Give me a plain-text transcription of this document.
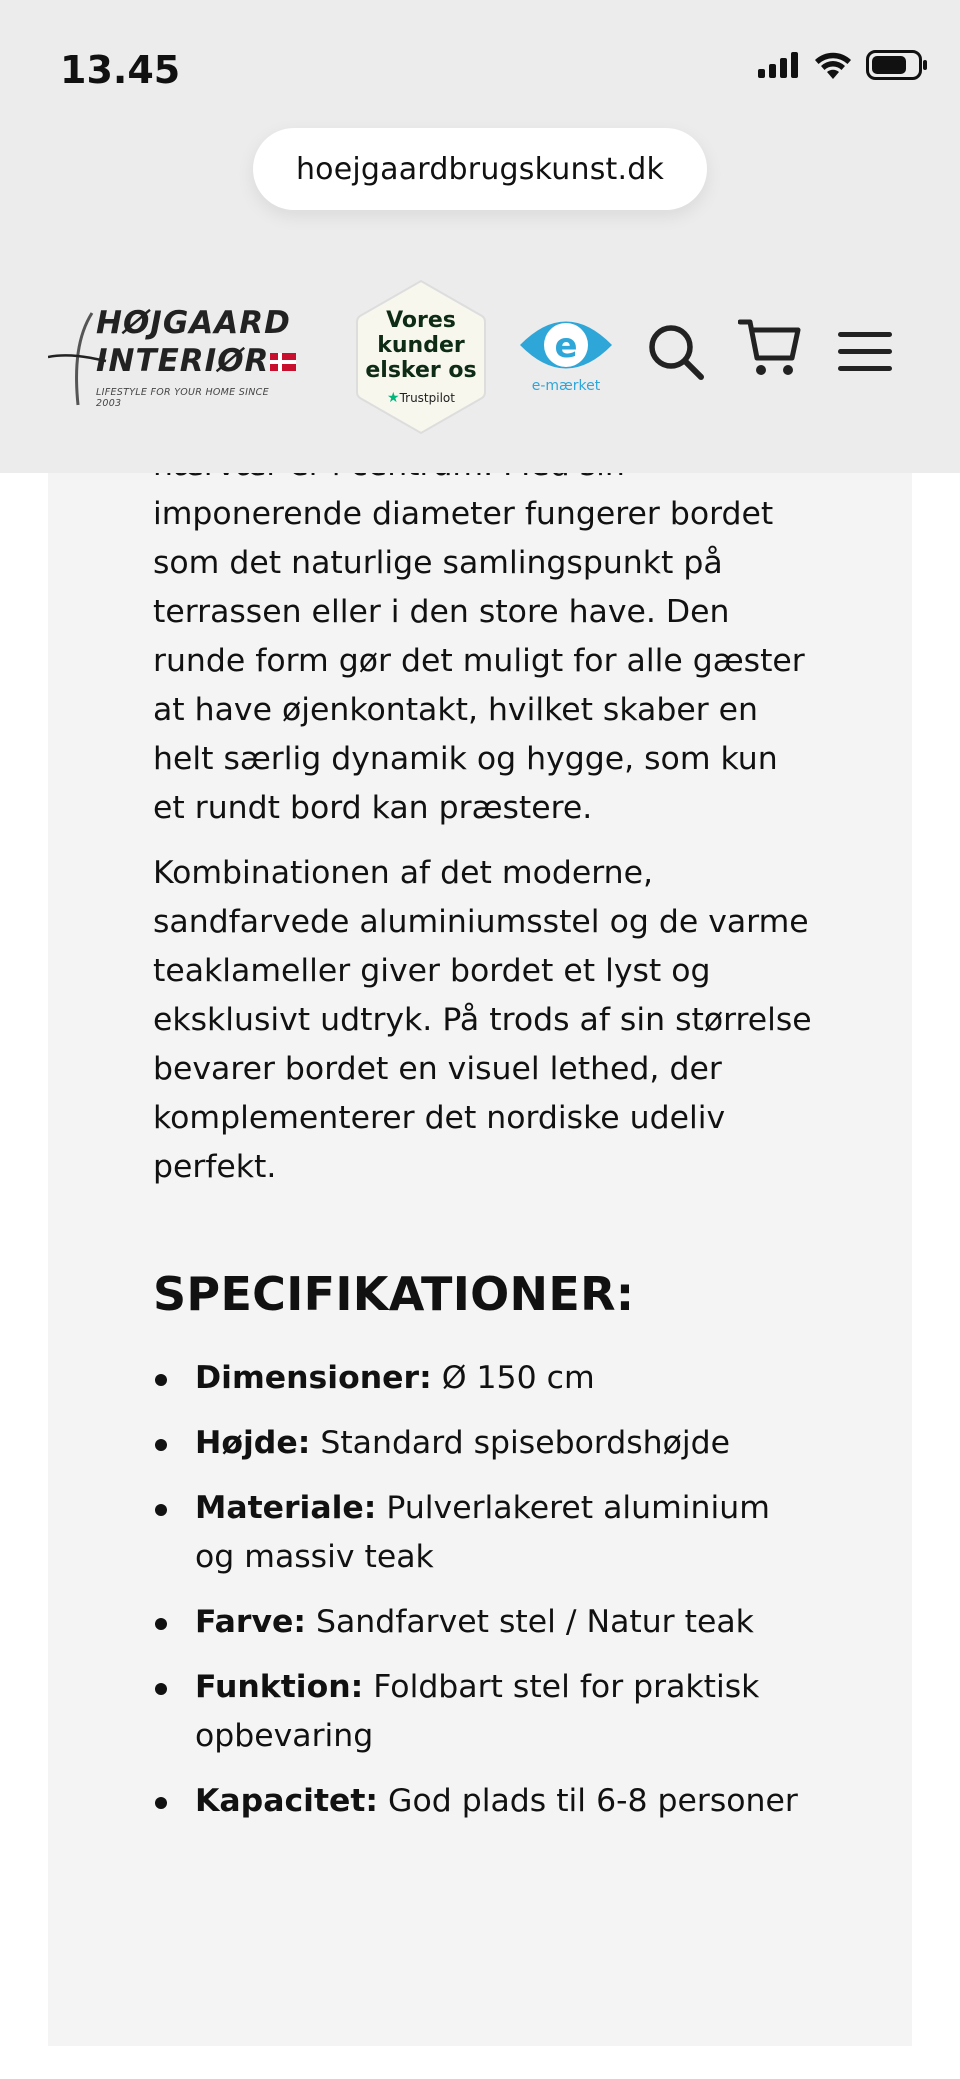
13.45
hoejgaardbrugskunst.dk
HØJGAARD
INTERIØR
LIFESTYLE FOR YOUR HOME SINCE 2003
Vores kunder elsker os
★Trustpilot
e
e-mærket

imponerende diameter fungerer bordet som det naturlige samlingspunkt på terrassen eller i den store have. Den runde form gør det muligt for alle gæster at have øjenkontakt, hvilket skaber en helt særlig dynamik og hygge, som kun et rundt bord kan præstere.

Kombinationen af det moderne, sandfarvede aluminiumsstel og de varme teaklameller giver bordet et lyst og eksklusivt udtryk. På trods af sin størrelse bevarer bordet en visuel lethed, der komplementerer det nordiske udeliv perfekt.

SPECIFIKATIONER:
Dimensioner: Ø 150 cm
Højde: Standard spisebordshøjde
Materiale: Pulverlakeret aluminium og massiv teak
Farve: Sandfarvet stel / Natur teak
Funktion: Foldbart stel for praktisk opbevaring
Kapacitet: God plads til 6-8 personer
